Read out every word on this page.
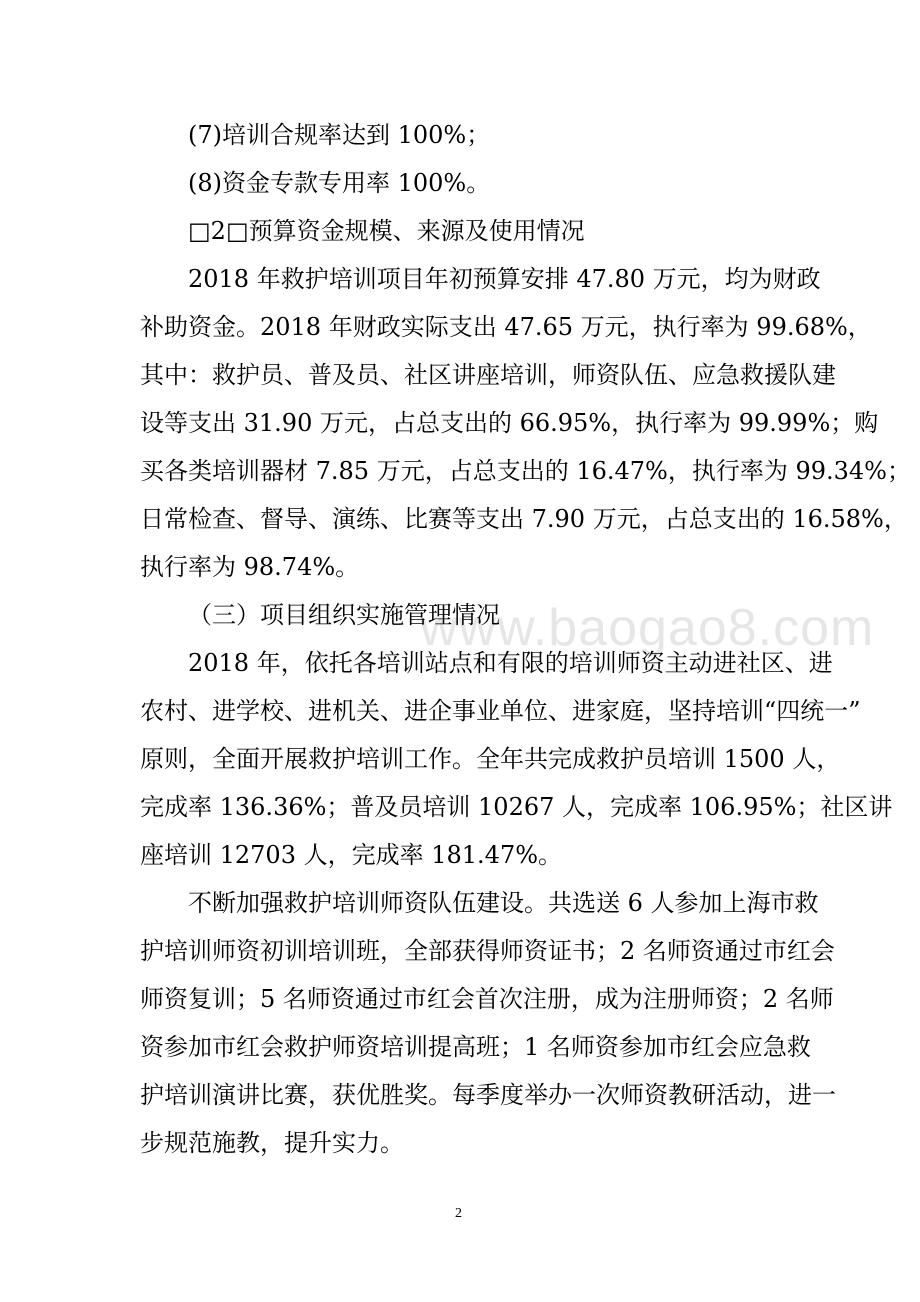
www.baogao8.com
(7)培训合规率达到 100%；
(8)资金专款专用率 100%。
□2□预算资金规模、来源及使用情况
2018 年救护培训项目年初预算安排 47.80 万元，均为财政
补助资金。2018 年财政实际支出 47.65 万元，执行率为 99.68%，
其中：救护员、普及员、社区讲座培训，师资队伍、应急救援队建
设等支出 31.90 万元，占总支出的 66.95%，执行率为 99.99%；购
买各类培训器材 7.85 万元，占总支出的 16.47%，执行率为 99.34%；
日常检查、督导、演练、比赛等支出 7.90 万元，占总支出的 16.58%，
执行率为 98.74%。
（三）项目组织实施管理情况
2018 年，依托各培训站点和有限的培训师资主动进社区、进
农村、进学校、进机关、进企事业单位、进家庭，坚持培训“四统一”
原则，全面开展救护培训工作。全年共完成救护员培训 1500 人，
完成率 136.36%；普及员培训 10267 人，完成率 106.95%；社区讲
座培训 12703 人，完成率 181.47%。
不断加强救护培训师资队伍建设。共选送 6 人参加上海市救
护培训师资初训培训班，全部获得师资证书；2 名师资通过市红会
师资复训；5 名师资通过市红会首次注册，成为注册师资；2 名师
资参加市红会救护师资培训提高班；1 名师资参加市红会应急救
护培训演讲比赛，获优胜奖。每季度举办一次师资教研活动，进一
步规范施教，提升实力。
2
